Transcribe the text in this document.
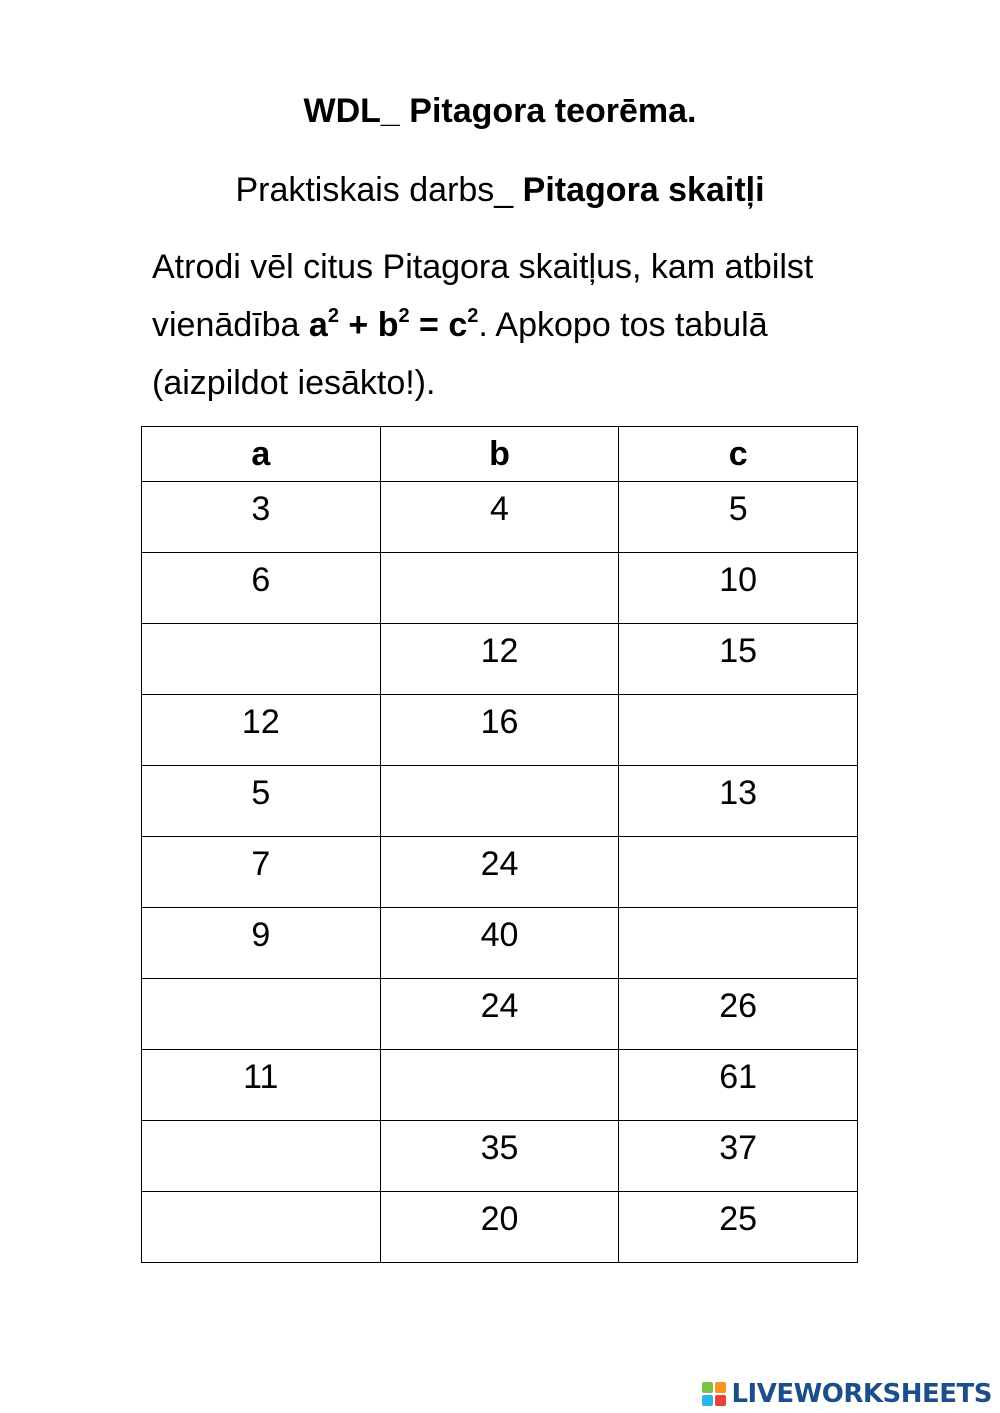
WDL_ Pitagora teorēma.
Praktiskais darbs_ Pitagora skaitļi
Atrodi vēl citus Pitagora skaitļus, kam atbilst vienādība $a^2 + b^2 = c^2$. Apkopo tos tabulā (aizpildot iesākto!).
a	b	c
3	4	5
6		10
	12	15
12	16	
5		13
7	24	
9	40	
	24	26
11		61
	35	37
	20	25
LIVEWORKSHEETS
